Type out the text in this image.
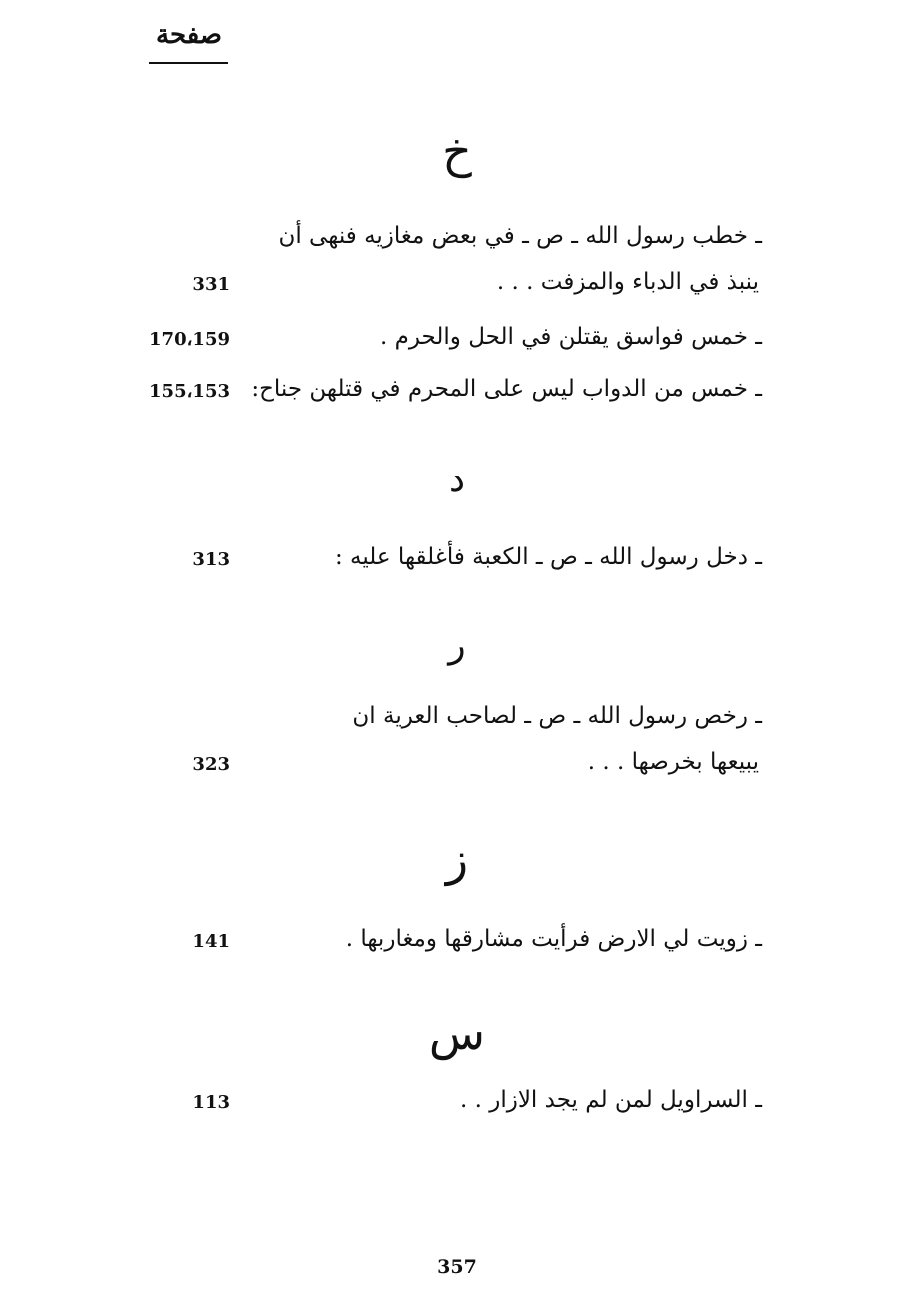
صفحة
خ
ـ خطب رسول الله ـ ص ـ في بعض مغازيه فنهى أن
ينبذ في الدباء والمزفت . . .
331
ـ خمس فواسق يقتلن في الحل والحرم .
170،159
ـ خمس من الدواب ليس على المحرم في قتلهن جناح:
155،153
د
ـ دخل رسول الله ـ ص ـ الكعبة فأغلقها عليه :
313
ر
ـ رخص رسول الله ـ ص ـ لصاحب العرية ان
يبيعها بخرصها . . .
323
ز
ـ زويت لي الارض فرأيت مشارقها ومغاربها .
141
س
ـ السراويل لمن لم يجد الازار . .
113
357
